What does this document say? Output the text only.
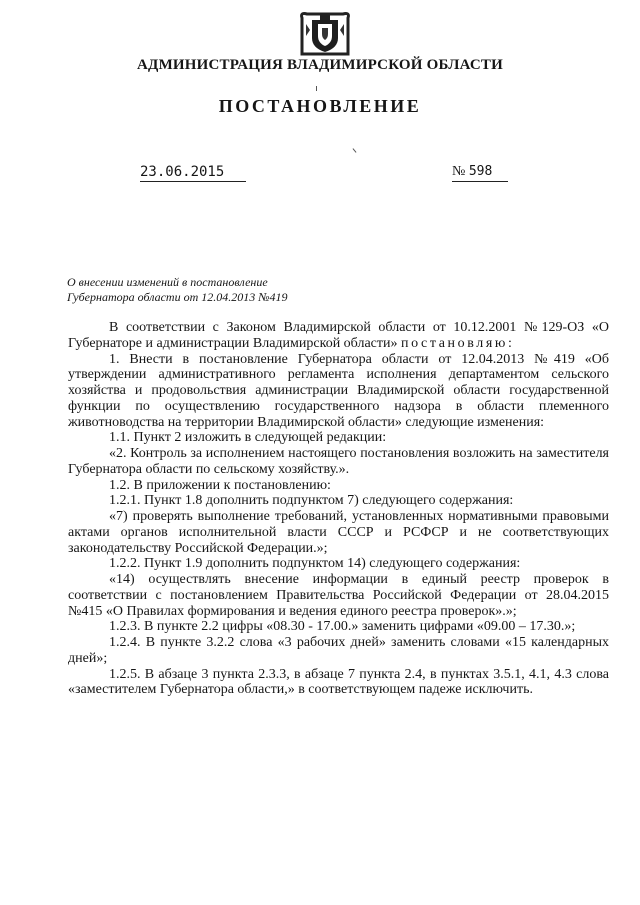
АДМИНИСТРАЦИЯ ВЛАДИМИРСКОЙ ОБЛАСТИ
ПОСТАНОВЛЕНИЕ
23.06.2015	№ 598
О внесении изменений в постановление
Губернатора области от 12.04.2013 №419

В соответствии с Законом Владимирской области от 10.12.2001 №129-ОЗ «О Губернаторе и администрации Владимирской области» постановляю:

1. Внести в постановление Губернатора области от 12.04.2013 №419 «Об утверждении административного регламента исполнения департаментом сельского хозяйства и продовольствия администрации Владимирской области государственной функции по осуществлению государственного надзора в области племенного животноводства на территории Владимирской области» следующие изменения:

1.1. Пункт 2 изложить в следующей редакции:

«2. Контроль за исполнением настоящего постановления возложить на заместителя Губернатора области по сельскому хозяйству.».

1.2. В приложении к постановлению:

1.2.1. Пункт 1.8 дополнить подпунктом 7) следующего содержания:

«7) проверять выполнение требований, установленных нормативными правовыми актами органов исполнительной власти СССР и РСФСР и не соответствующих законодательству Российской Федерации.»;

1.2.2. Пункт 1.9 дополнить подпунктом 14) следующего содержания:

«14) осуществлять внесение информации в единый реестр проверок в соответствии с постановлением Правительства Российской Федерации от 28.04.2015 №415 «О Правилах формирования и ведения единого реестра проверок».»;

1.2.3. В пункте 2.2 цифры «08.30 - 17.00.» заменить цифрами «09.00 – 17.30.»;

1.2.4. В пункте 3.2.2 слова «3 рабочих дней» заменить словами «15 календарных дней»;

1.2.5. В абзаце 3 пункта 2.3.3, в абзаце 7 пункта 2.4, в пунктах 3.5.1, 4.1, 4.3 слова «заместителем Губернатора области,» в соответствующем падеже исключить.
